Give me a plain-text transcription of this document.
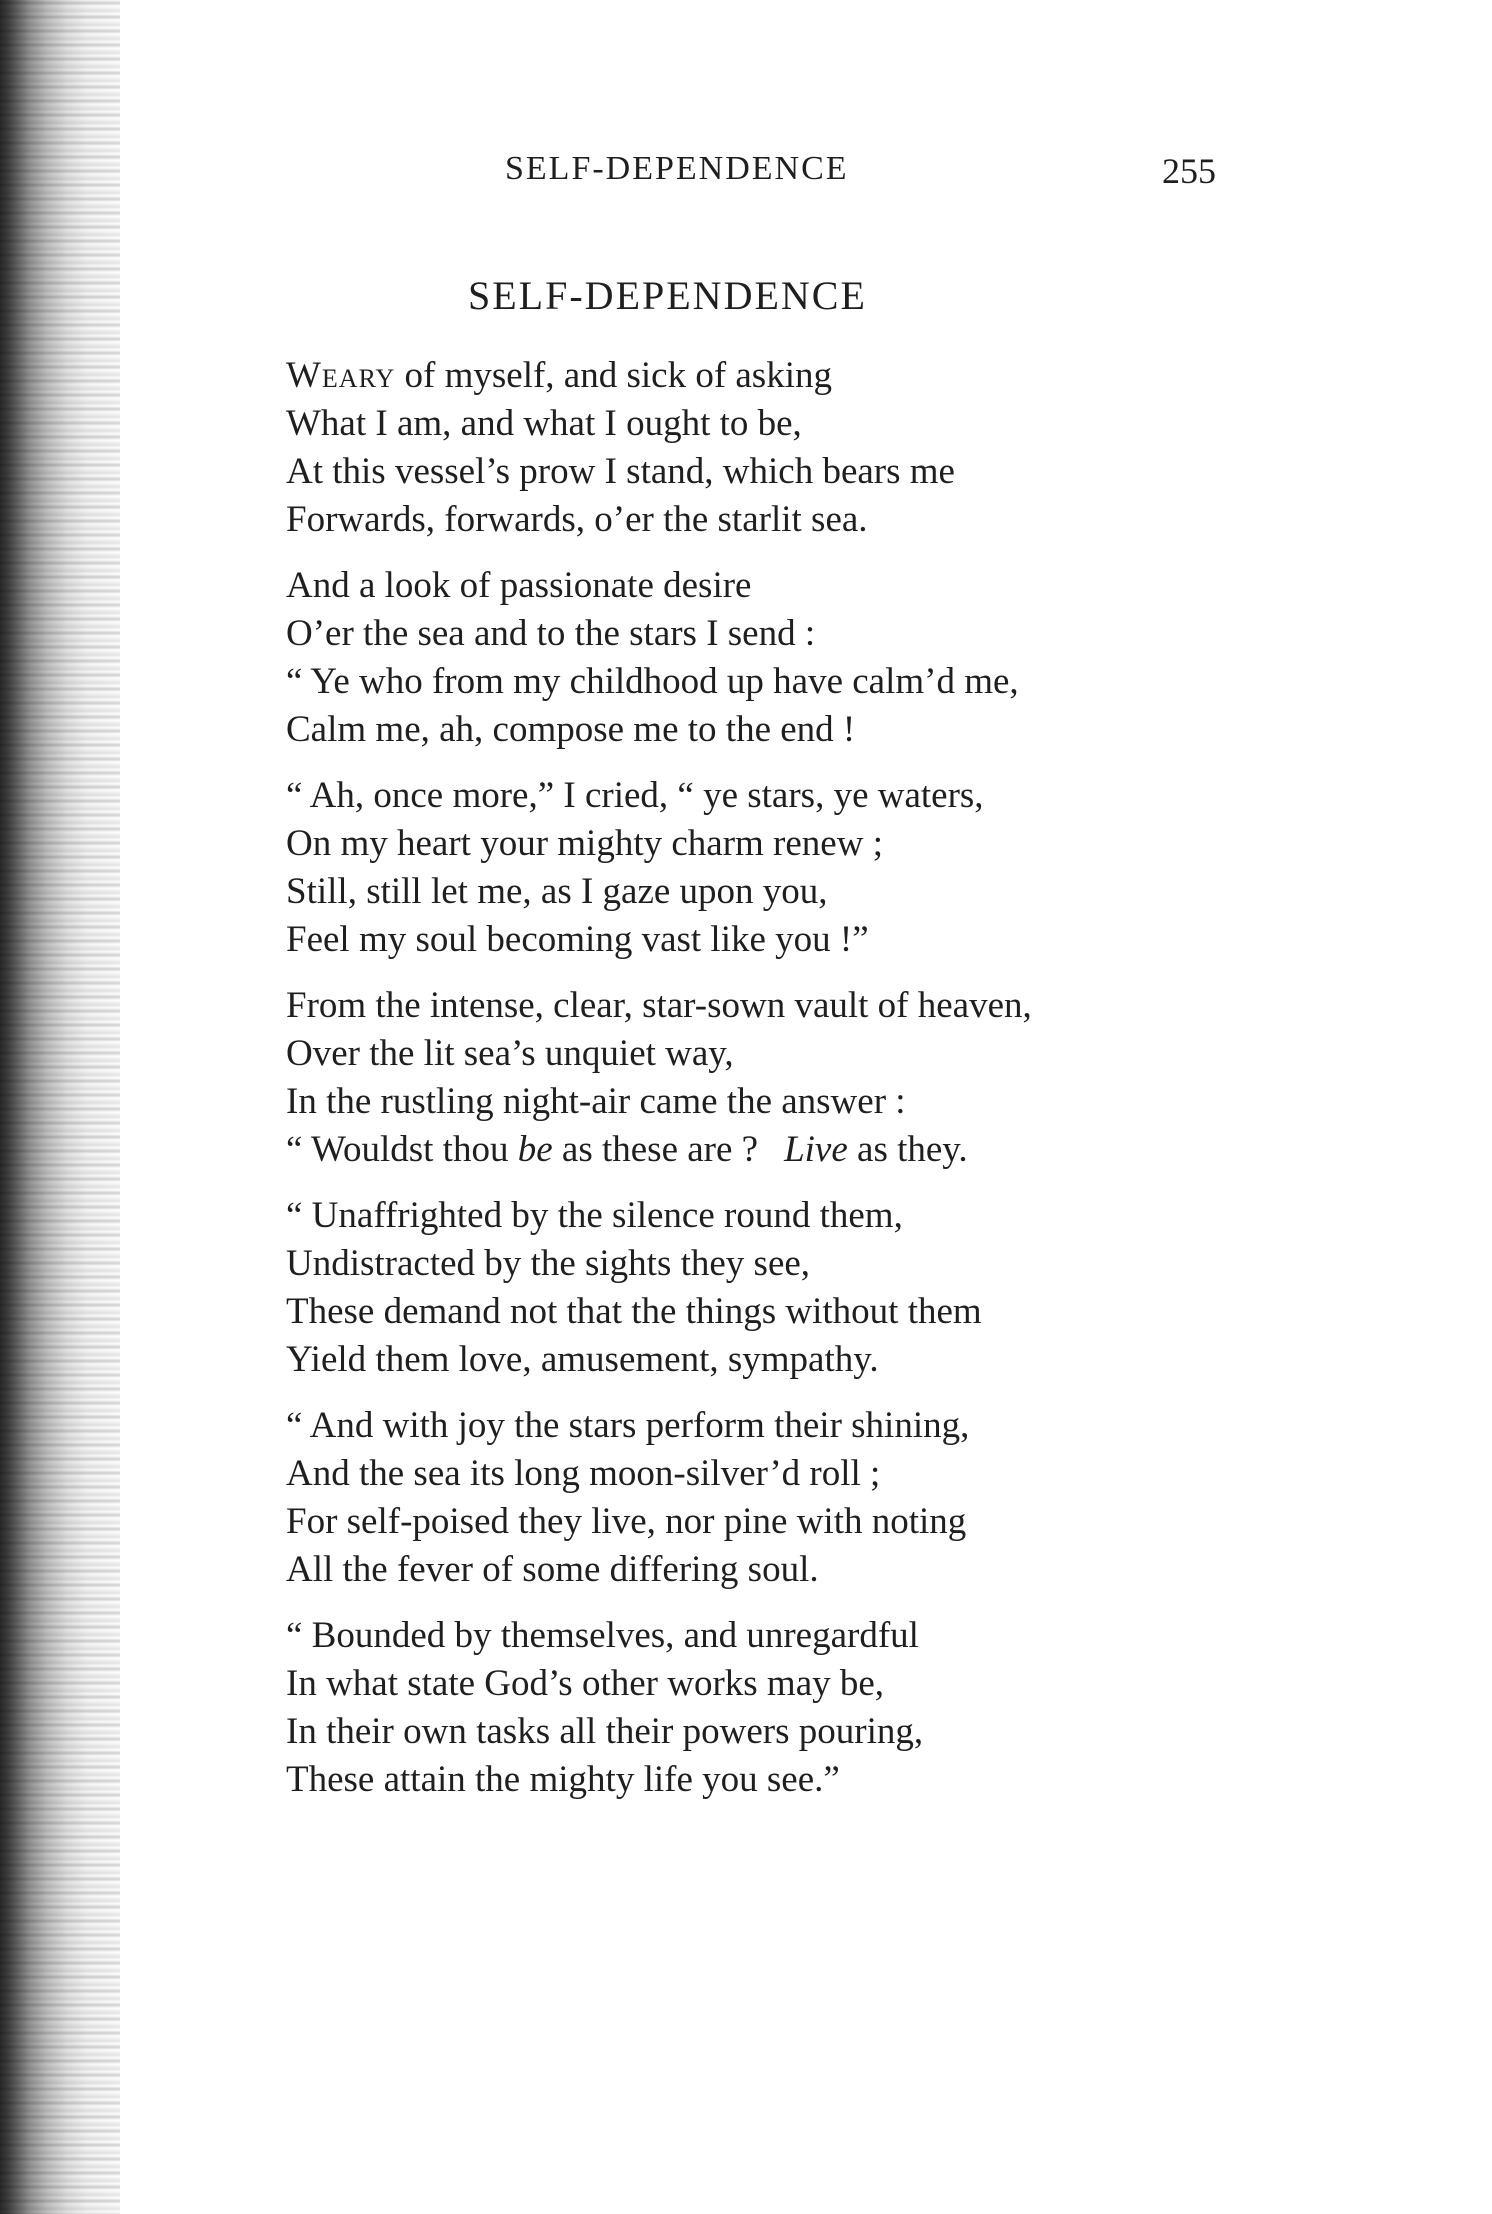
SELF-DEPENDENCE	255
SELF-DEPENDENCE
Weary of myself, and sick of asking
What I am, and what I ought to be,
At this vessel’s prow I stand, which bears me
Forwards, forwards, o’er the starlit sea.
And a look of passionate desire
O’er the sea and to the stars I send :
“ Ye who from my childhood up have calm’d me,
Calm me, ah, compose me to the end !
“ Ah, once more,” I cried, “ ye stars, ye waters,
On my heart your mighty charm renew ;
Still, still let me, as I gaze upon you,
Feel my soul becoming vast like you !”
From the intense, clear, star-sown vault of heaven,
Over the lit sea’s unquiet way,
In the rustling night-air came the answer :
“ Wouldst thou be as these are ? Live as they.
“ Unaffrighted by the silence round them,
Undistracted by the sights they see,
These demand not that the things without them
Yield them love, amusement, sympathy.
“ And with joy the stars perform their shining,
And the sea its long moon-silver’d roll ;
For self-poised they live, nor pine with noting
All the fever of some differing soul.
“ Bounded by themselves, and unregardful
In what state God’s other works may be,
In their own tasks all their powers pouring,
These attain the mighty life you see.”
